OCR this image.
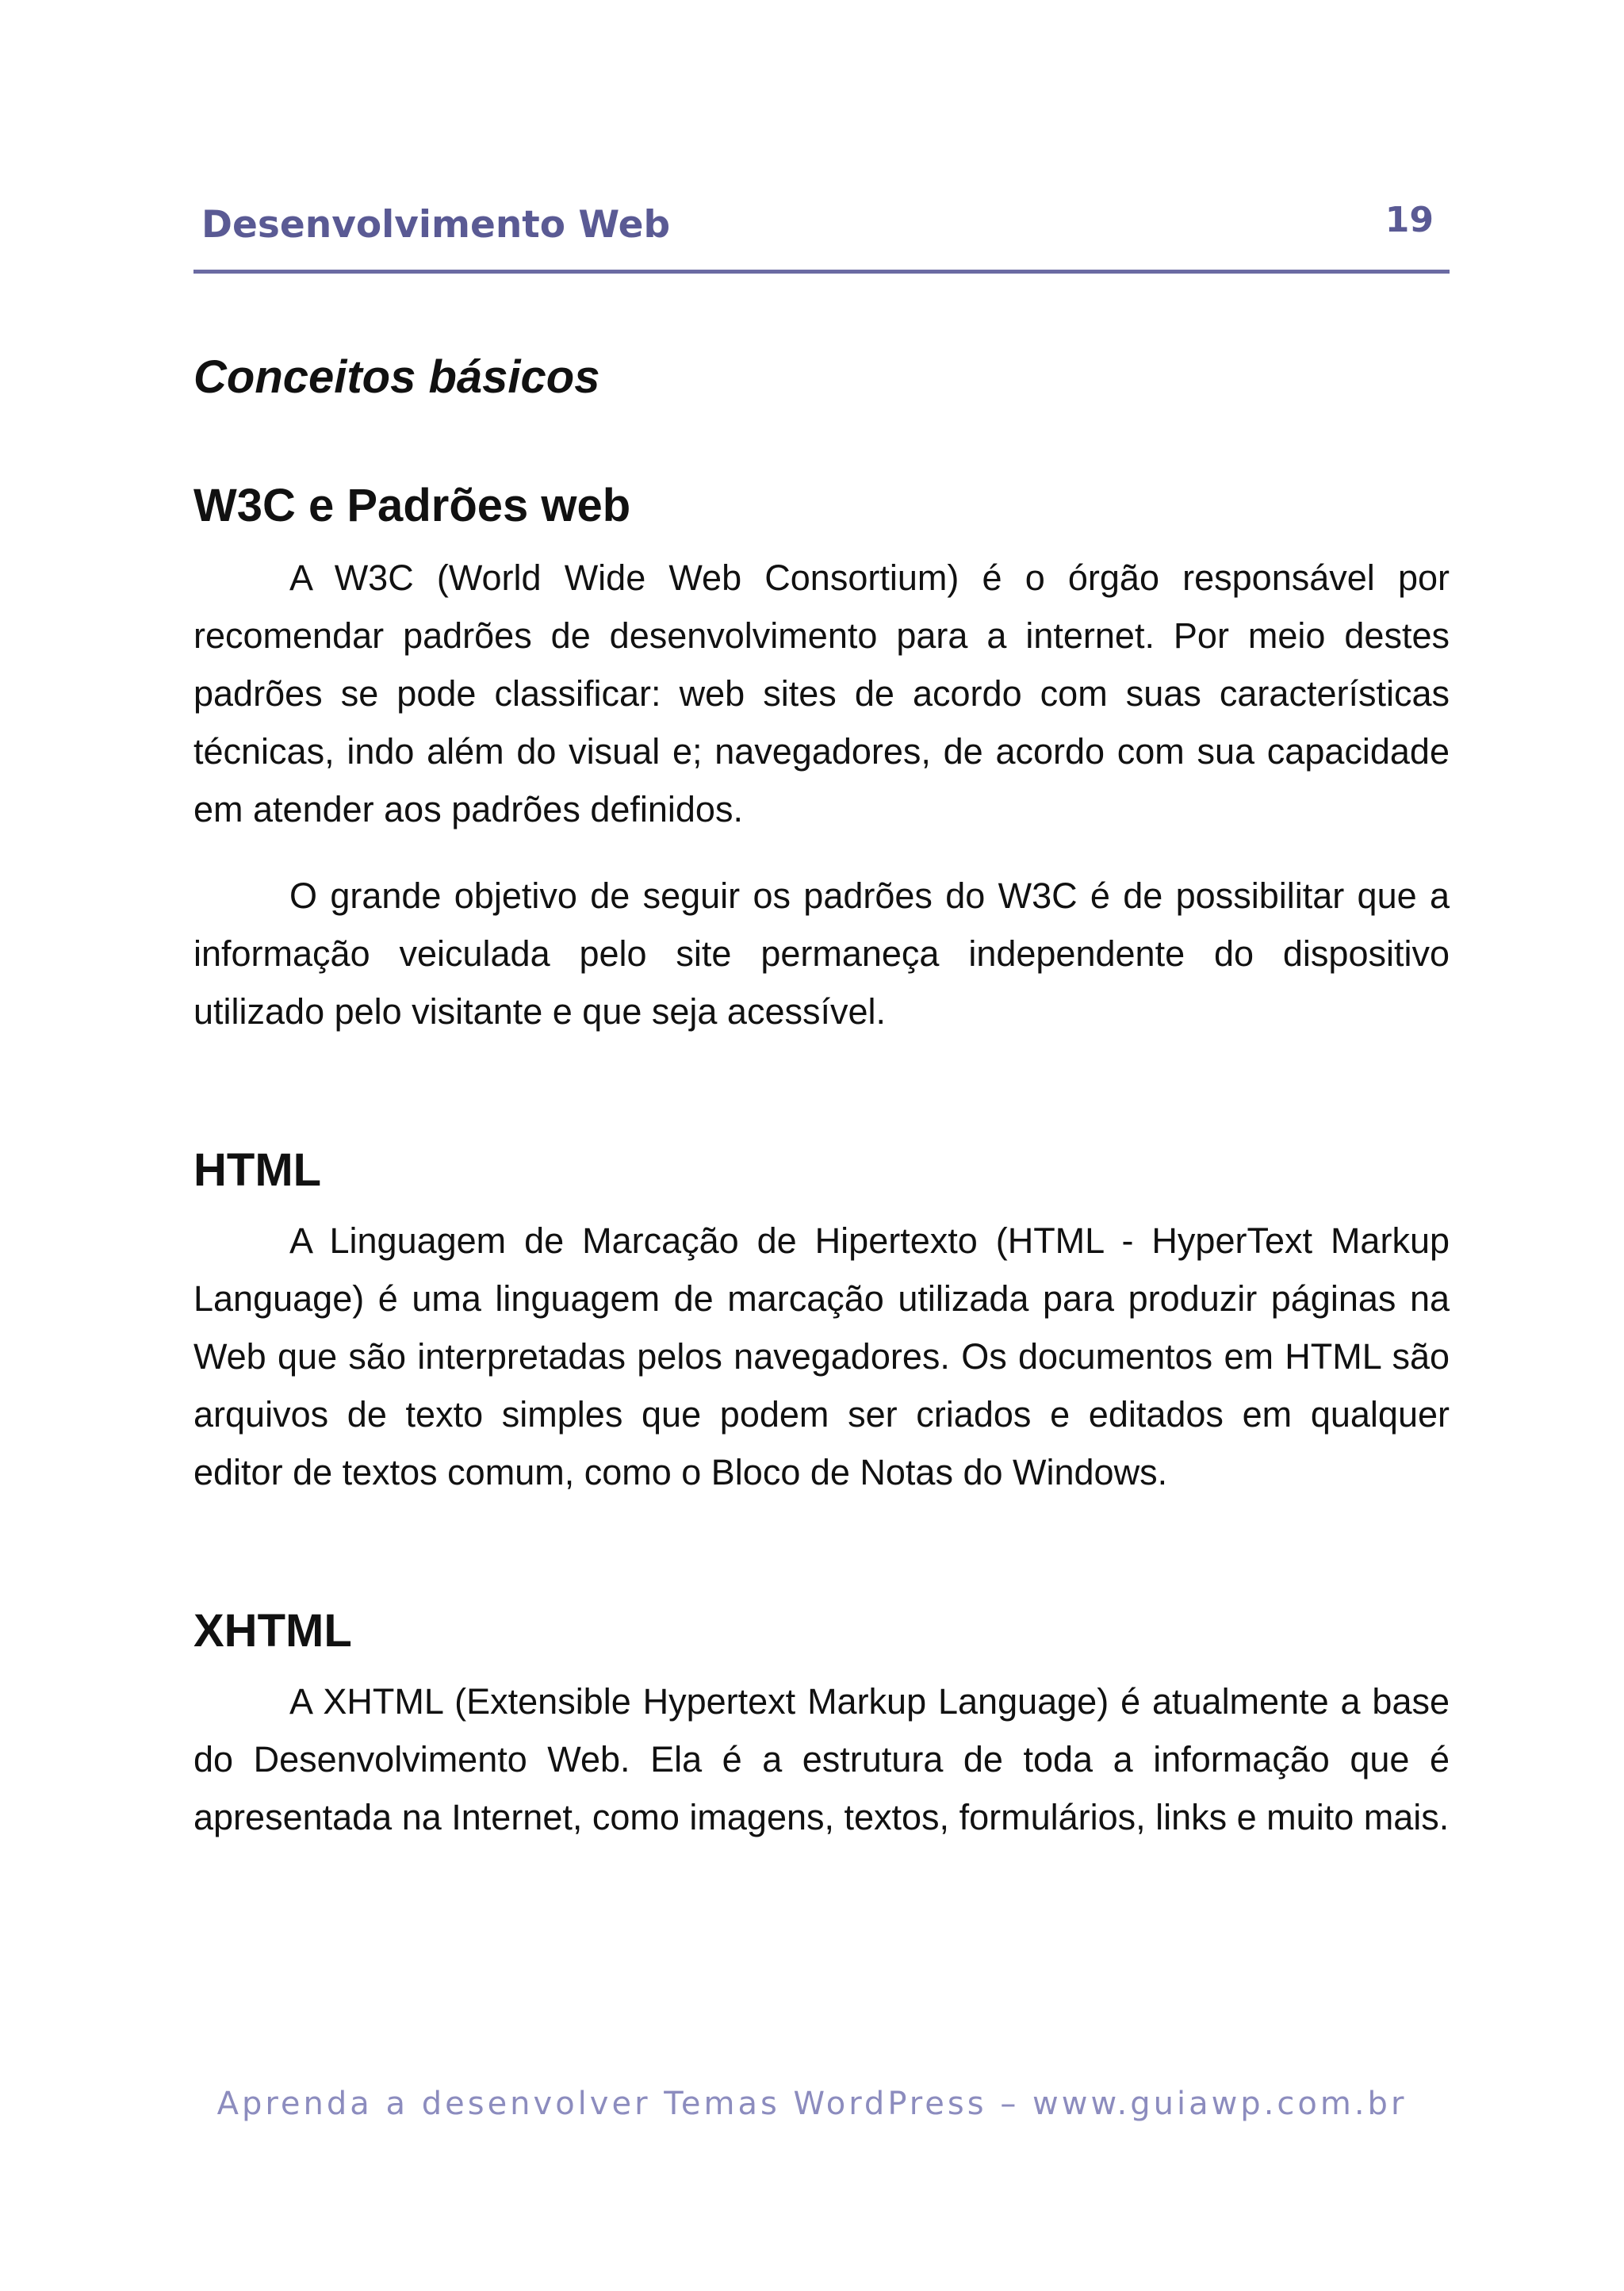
Desenvolvimento Web	19
Conceitos básicos
W3C e Padrões web

A W3C (World Wide Web Consortium) é o órgão responsável por recomendar padrões de desenvolvimento para a internet. Por meio destes padrões se pode classificar: web sites de acordo com suas características técnicas, indo além do visual e; navegadores, de acordo com sua capacidade em atender aos padrões definidos.

O grande objetivo de seguir os padrões do W3C é de possibilitar que a informação veiculada pelo site permaneça independente do dispositivo utilizado pelo visitante e que seja acessível.

HTML

A Linguagem de Marcação de Hipertexto (HTML - HyperText Markup Language) é uma linguagem de marcação utilizada para produzir páginas na Web que são interpretadas pelos navegadores. Os documentos em HTML são arquivos de texto simples que podem ser criados e editados em qualquer editor de textos comum, como o Bloco de Notas do Windows.

XHTML

A XHTML (Extensible Hypertext Markup Language) é atualmente a base do Desenvolvimento Web. Ela é a estrutura de toda a informação que é apresentada na Internet, como imagens, textos, formulários, links e muito mais.

Aprenda a desenvolver Temas WordPress – www.guiawp.com.br
